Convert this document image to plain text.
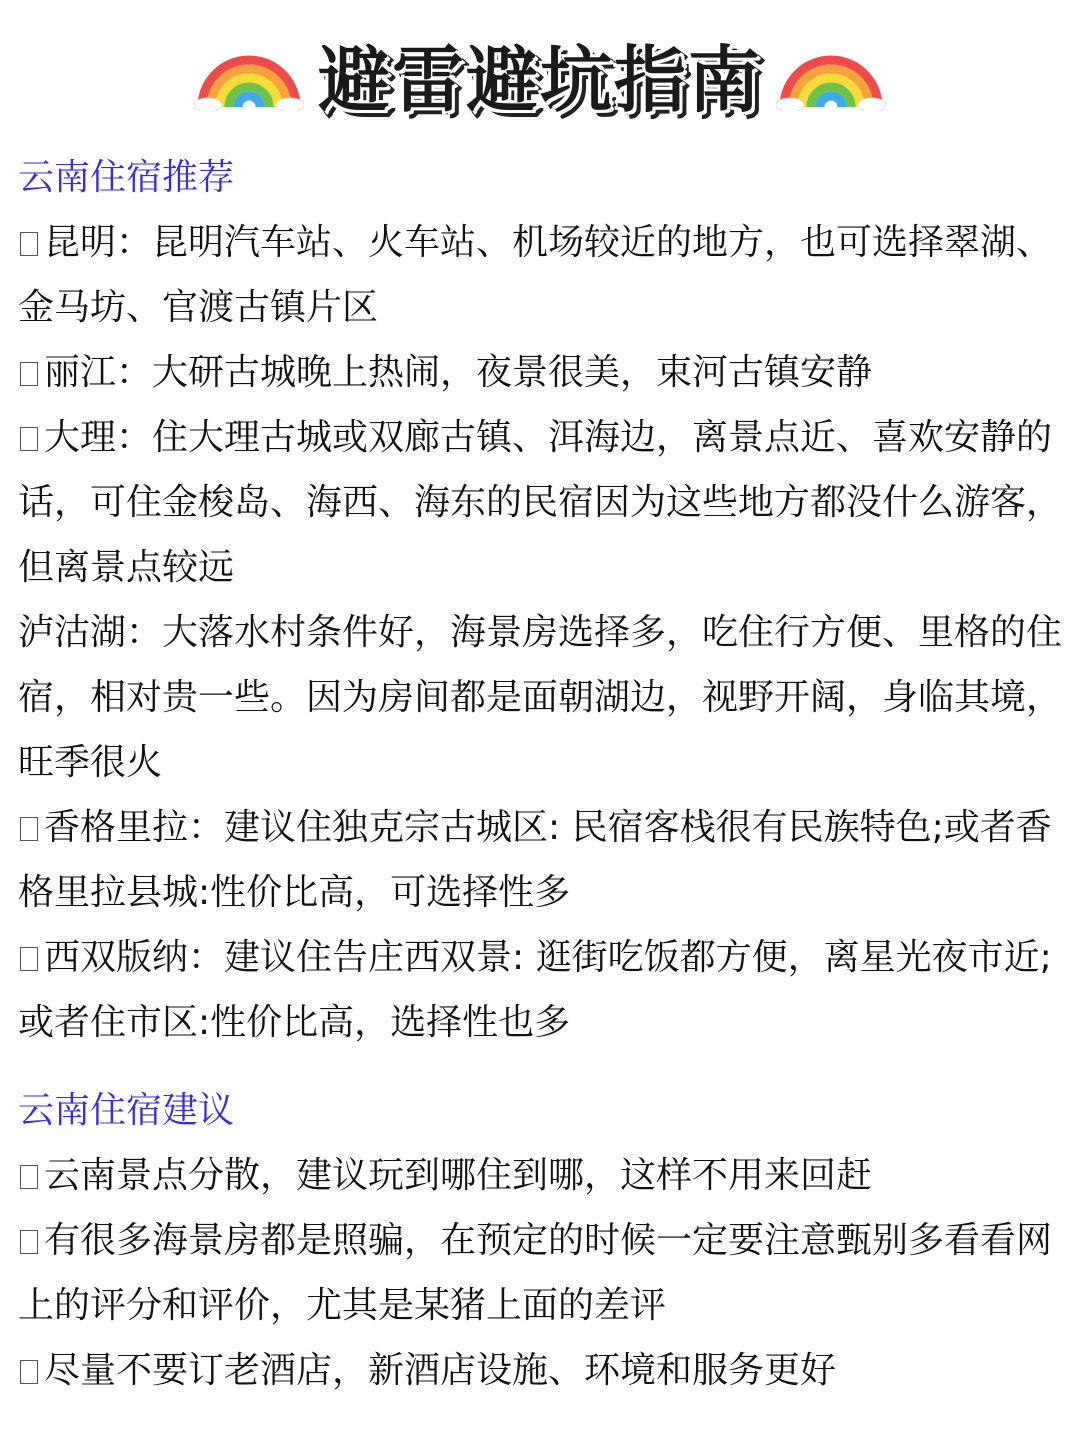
避雷避坑指南
云南住宿推荐
昆明：昆明汽车站、火车站、机场较近的地方，也可选择翠湖、金马坊、官渡古镇片区
丽江：大研古城晚上热闹，夜景很美，束河古镇安静
大理：住大理古城或双廊古镇、洱海边，离景点近、喜欢安静的话，可住金梭岛、海西、海东的民宿因为这些地方都没什么游客，但离景点较远
泸沽湖：大落水村条件好，海景房选择多，吃住行方便、里格的住宿，相对贵一些。因为房间都是面朝湖边，视野开阔，身临其境，旺季很火
香格里拉：建议住独克宗古城区: 民宿客栈很有民族特色;或者香格里拉县城:性价比高，可选择性多
西双版纳：建议住告庄西双景: 逛街吃饭都方便，离星光夜市近;或者住市区:性价比高，选择性也多
云南住宿建议
云南景点分散，建议玩到哪住到哪，这样不用来回赶
有很多海景房都是照骗，在预定的时候一定要注意甄别多看看网上的评分和评价，尤其是某猪上面的差评
尽量不要订老酒店，新酒店设施、环境和服务更好
